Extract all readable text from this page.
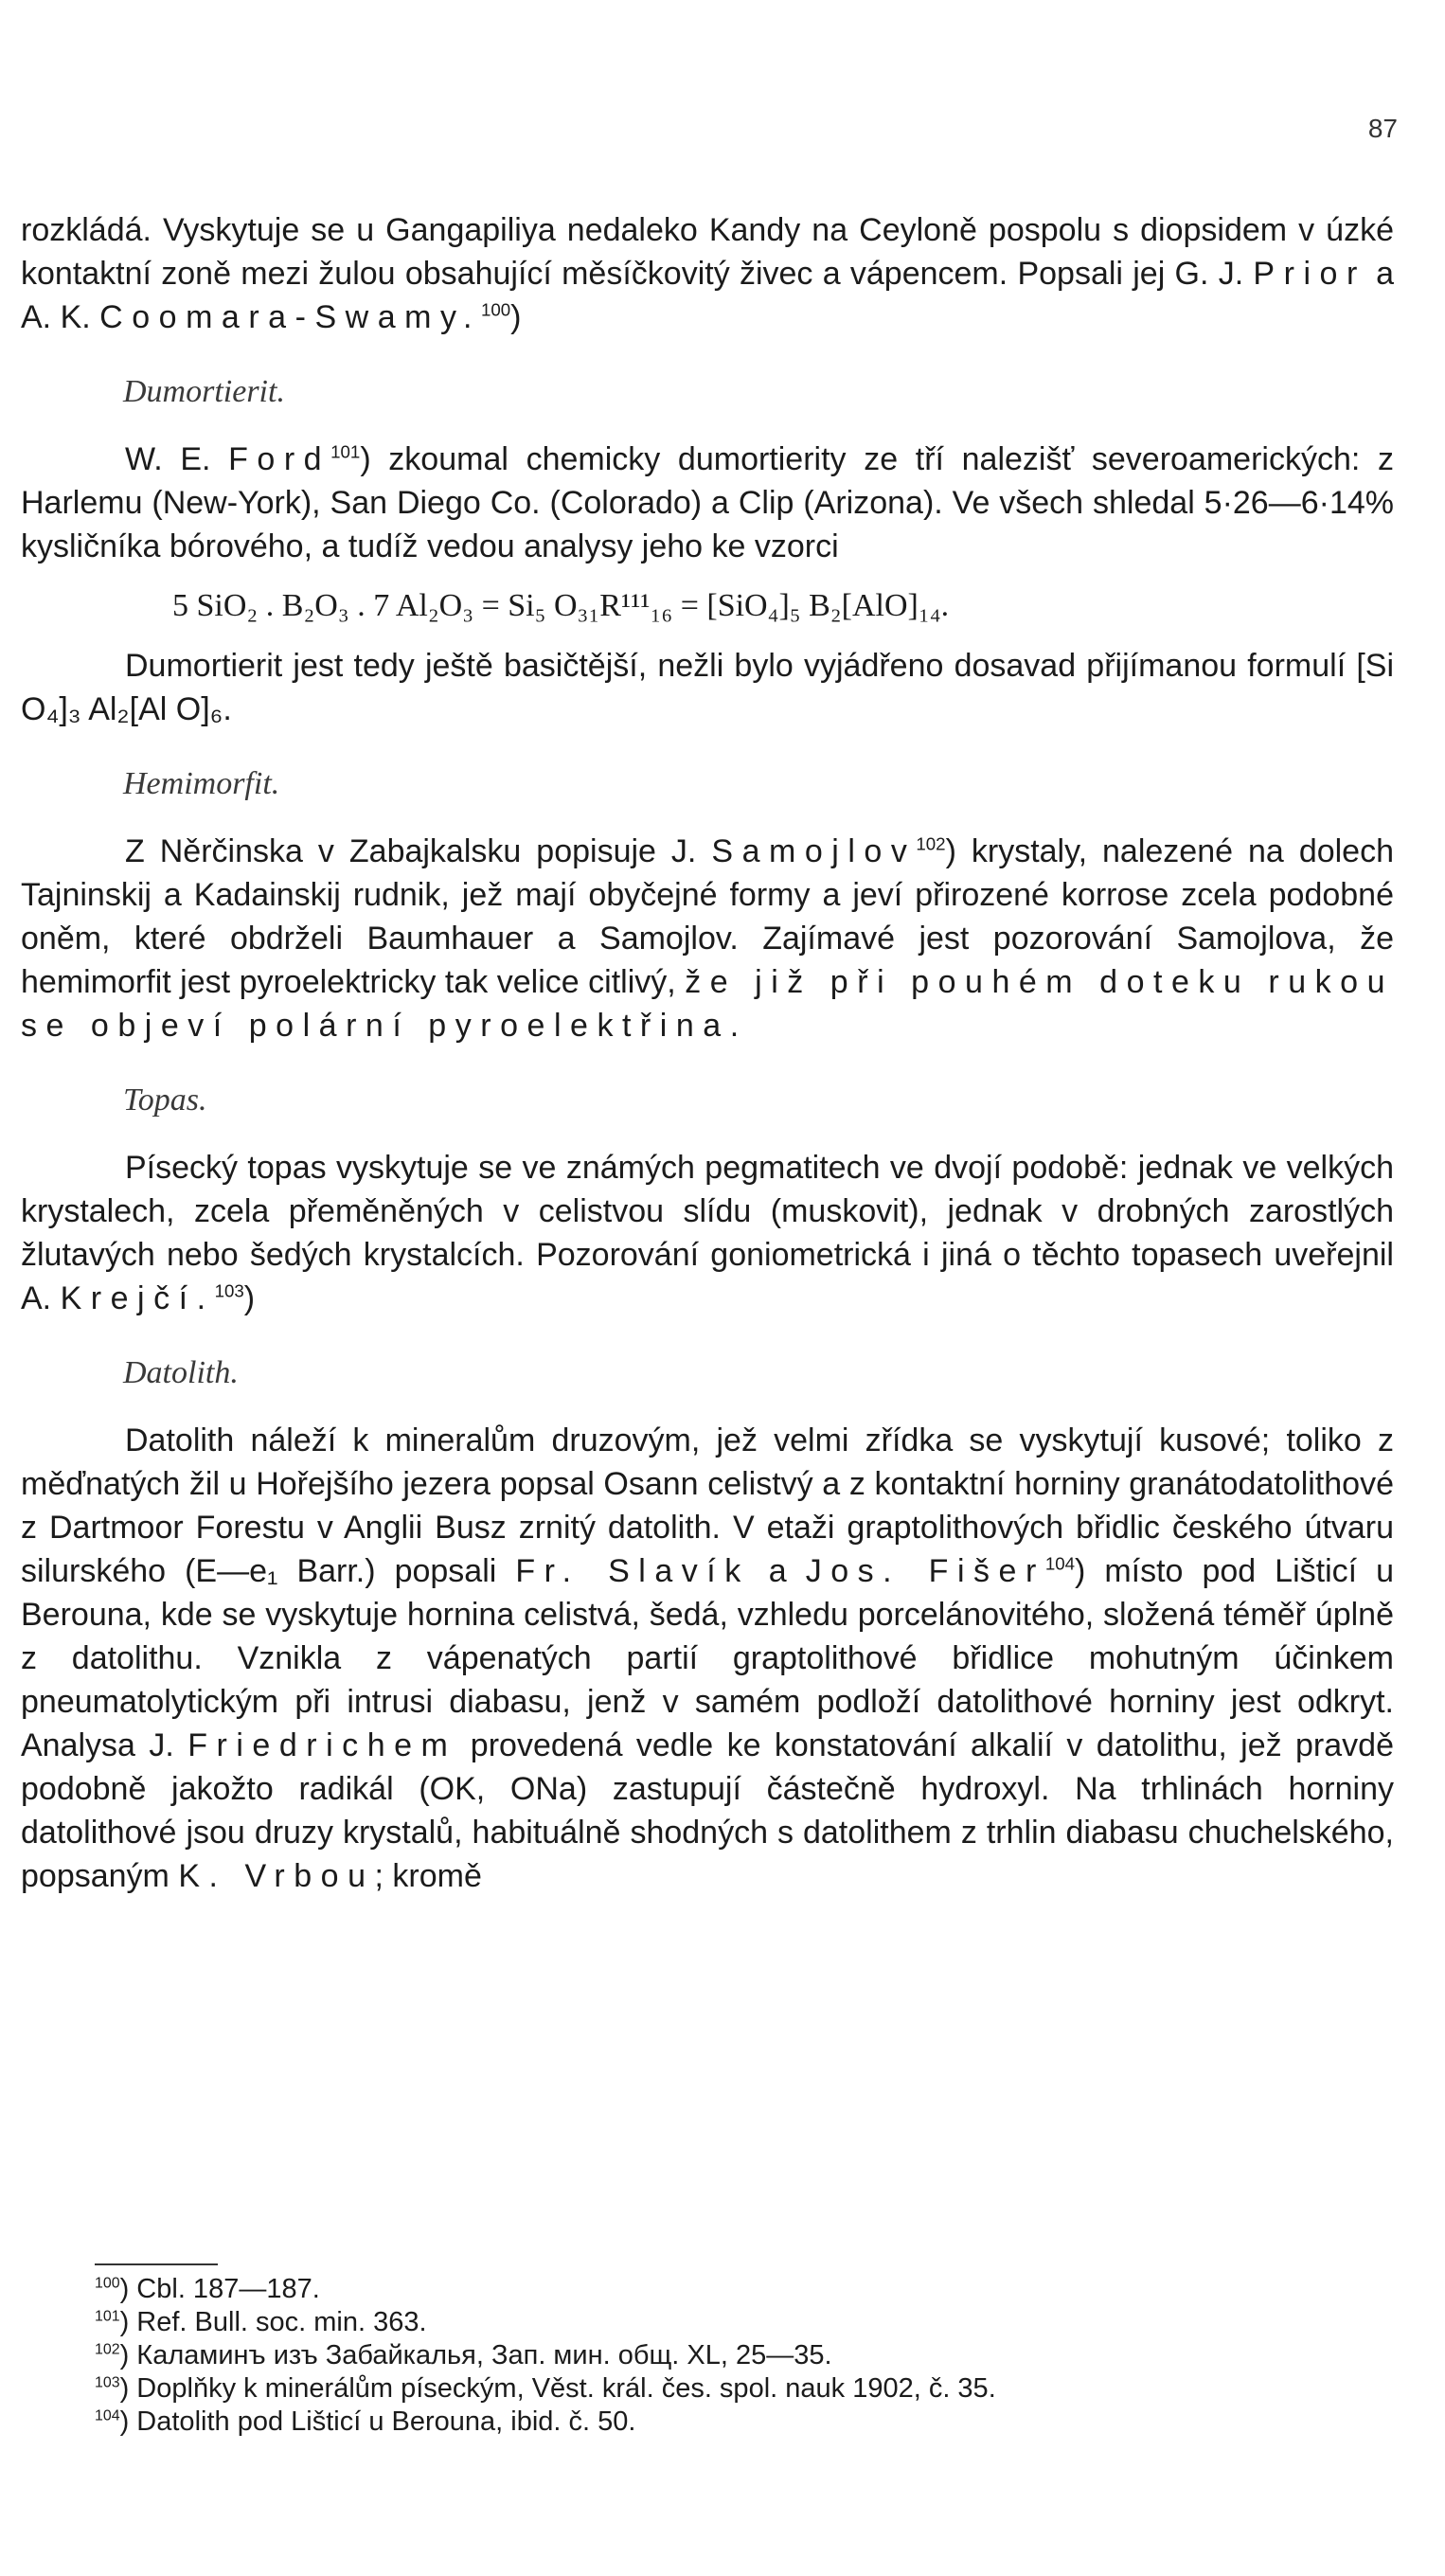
87

rozkládá. Vyskytuje se u Gangapiliya nedaleko Kandy na Ceyloně pospolu s diopsidem v úzké kontaktní zoně mezi žulou obsahující měsíčkovitý živec a vápencem. Popsali jej G. J. Prior a A. K. Coomara-Swamy.$^{100}$)

Dumortierit.

W. E. Ford$^{101}$) zkoumal chemicky dumortierity ze tří nalezišť severoamerických: z Harlemu (New-York), San Diego Co. (Colorado) a Clip (Arizona). Ve všech shledal 5·26—6·14% kysličníka bórového, a tudíž vedou analysy jeho ke vzorci

5 SiO₂ . B₂O₃ . 7 Al₂O₃ = Si₅ O₃₁R¹¹¹₁₆ = [SiO₄]₅ B₂[AlO]₁₄.

Dumortierit jest tedy ještě basičtější, nežli bylo vyjádřeno dosavad přijímanou formulí [Si O₄]₃ Al₂[Al O]₆.

Hemimorfit.

Z Něrčinska v Zabajkalsku popisuje J. Samojlov$^{102}$) krystaly, nalezené na dolech Tajninskij a Kadainskij rudnik, jež mají obyčejné formy a jeví přirozené korrose zcela podobné oněm, které obdrželi Baumhauer a Samojlov. Zajímavé jest pozorování Samojlova, že hemimorfit jest pyroelektricky tak velice citlivý, že již při pouhém doteku rukou se objeví polární pyroelektřina.

Topas.

Písecký topas vyskytuje se ve známých pegmatitech ve dvojí podobě: jednak ve velkých krystalech, zcela přeměněných v celistvou slídu (muskovit), jednak v drobných zarostlých žlutavých nebo šedých krystalcích. Pozorování goniometrická i jiná o těchto topasech uveřejnil A. Krejčí.$^{103}$)

Datolith.

Datolith náleží k mineralům druzovým, jež velmi zřídka se vyskytují kusové; toliko z měďnatých žil u Hořejšího jezera popsal Osann celistvý a z kontaktní horniny granátodatolithové z Dartmoor Forestu v Anglii Busz zrnitý datolith. V etaži graptolithových břidlic českého útvaru silurského (E—e₁ Barr.) popsali Fr. Slavík a Jos. Fišer$^{104}$) místo pod Lišticí u Berouna, kde se vyskytuje hornina celistvá, šedá, vzhledu porcelánovitého, složená téměř úplně z datolithu. Vznikla z vápenatých partií graptolithové břidlice mohutným účinkem pneumatolytickým při intrusi diabasu, jenž v samém podloží datolithové horniny jest odkryt. Analysa J. Friedrichem provedená vedle ke konstatování alkalií v datolithu, jež pravdě podobně jakožto radikál (OK, ONa) zastupují částečně hydroxyl. Na trhlinách horniny datolithové jsou druzy krystalů, habituálně shodných s datolithem z trhlin diabasu chuchelského, popsaným K. Vrbou; kromě

$^{100}$) Cbl. 187—187.
$^{101}$) Ref. Bull. soc. min. 363.
$^{102}$) Каламинъ изъ Забайкалья, Зап. мин. общ. XL, 25—35.
$^{103}$) Doplňky k minerálům píseckým, Věst. král. čes. spol. nauk 1902, č. 35.
$^{104}$) Datolith pod Lišticí u Berouna, ibid. č. 50.
